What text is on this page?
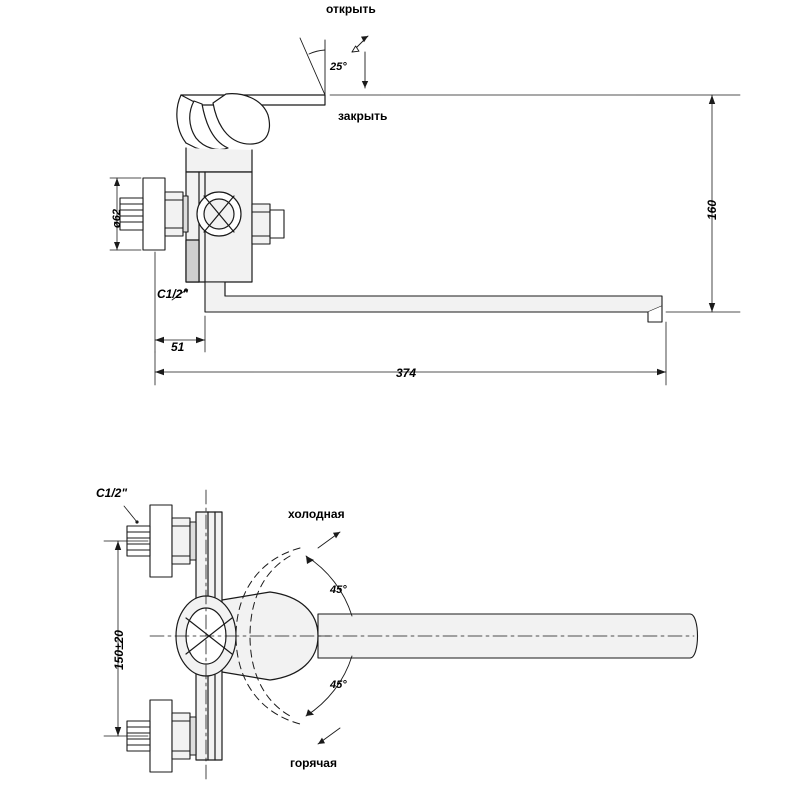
открыть
закрыть
25°
160
ø62
C1/2"
51
374
C1/2"
холодная
горячая
45°
45°
150±20
